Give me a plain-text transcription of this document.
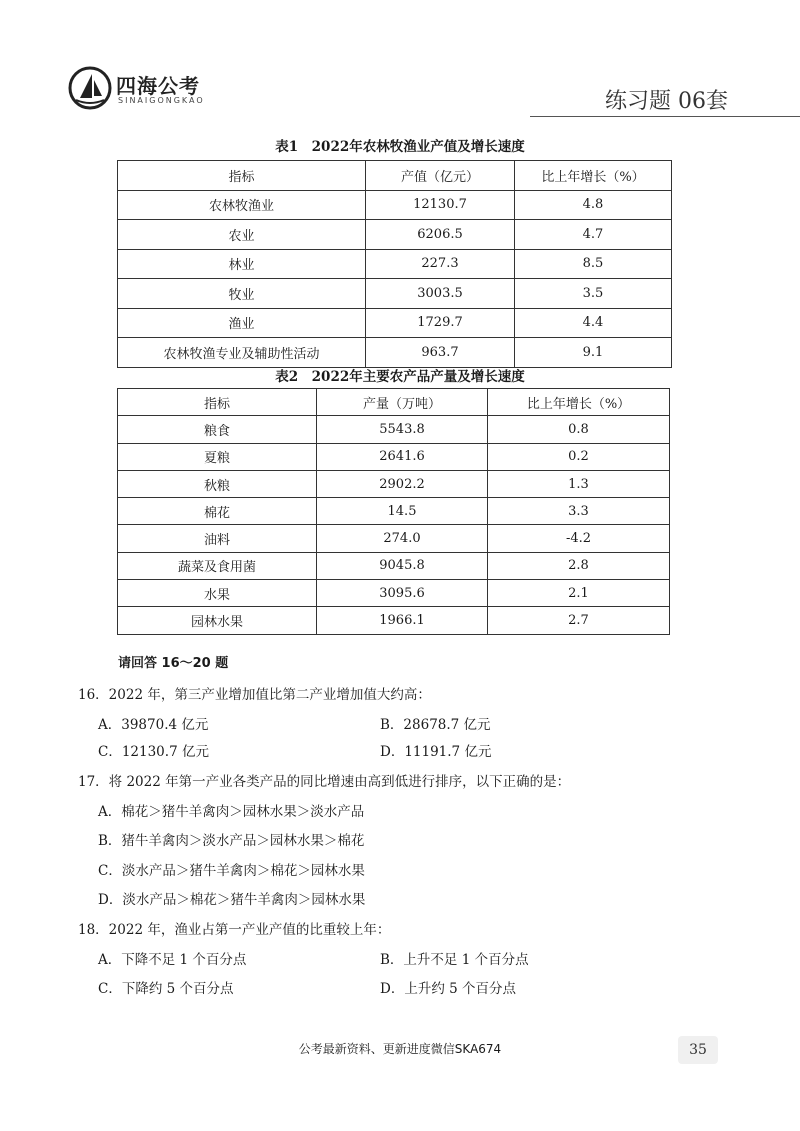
四海公考
SINAIGONGKAO	练习题 06套
表1　2022年农林牧渔业产值及增长速度
指标	产值（亿元）	比上年增长（%）
农林牧渔业	12130.7	4.8
农业	6206.5	4.7
林业	227.3	8.5
牧业	3003.5	3.5
渔业	1729.7	4.4
农林牧渔专业及辅助性活动	963.7	9.1
表2　2022年主要农产品产量及增长速度
指标	产量（万吨）	比上年增长（%）
粮食	5543.8	0.8
夏粮	2641.6	0.2
秋粮	2902.2	1.3
棉花	14.5	3.3
油料	274.0	-4.2
蔬菜及食用菌	9045.8	2.8
水果	3095.6	2.1
园林水果	1966.1	2.7
请回答 16～20 题
16．2022 年，第三产业增加值比第二产业增加值大约高：
A．39870.4 亿元	B．28678.7 亿元
C．12130.7 亿元	D．11191.7 亿元
17．将 2022 年第一产业各类产品的同比增速由高到低进行排序，以下正确的是：
A．棉花＞猪牛羊禽肉＞园林水果＞淡水产品
B．猪牛羊禽肉＞淡水产品＞园林水果＞棉花
C．淡水产品＞猪牛羊禽肉＞棉花＞园林水果
D．淡水产品＞棉花＞猪牛羊禽肉＞园林水果
18．2022 年，渔业占第一产业产值的比重较上年：
A．下降不足 1 个百分点	B．上升不足 1 个百分点
C．下降约 5 个百分点	D．上升约 5 个百分点
公考最新资料、更新进度微信SKA674	35
